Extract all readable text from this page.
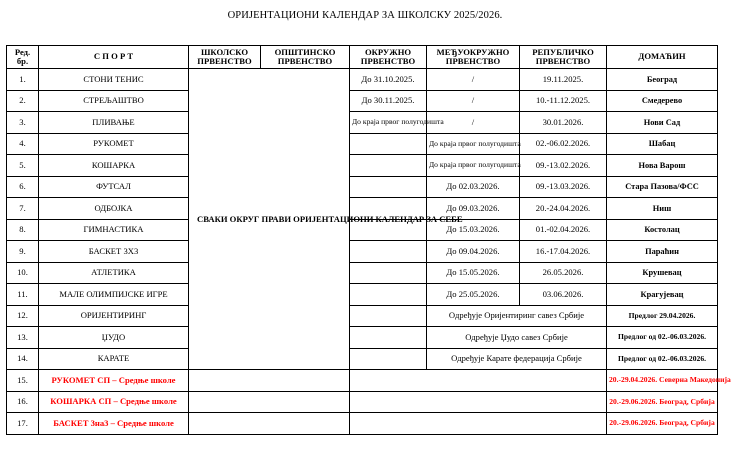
ОРИЈЕНТАЦИОНИ КАЛЕНДАР ЗА ШКОЛСКУ 2025/2026.
Ред. бр.	С П О Р Т	ШКОЛСКО ПРВЕНСТВО	ОПШТИНСКО ПРВЕНСТВО	ОКРУЖНО ПРВЕНСТВО	МЕЂУОКРУЖНО ПРВЕНСТВО	РЕПУБЛИЧКО ПРВЕНСТВО	ДОМАЋИН
1.	СТОНИ ТЕНИС	СВАКИ ОКРУГ ПРАВИ ОРИЈЕНТАЦИОНИ КАЛЕНДАР ЗА СЕБЕ		До 31.10.2025.	/	19.11.2025.	Београд
2.	СТРЕЉАШТВО			До 30.11.2025.	/	10.-11.12.2025.	Смедерево
3.	ПЛИВАЊЕ			До краја првог полугодишта	/	30.01.2026.	Нови Сад
4.	РУКОМЕТ				До краја првог полугодишта	02.-06.02.2026.	Шабац
5.	КОШАРКА				До краја првог полугодишта	09.-13.02.2026.	Нова Варош
6.	ФУТСАЛ				До 02.03.2026.	09.-13.03.2026.	Стара Пазова/ФСС
7.	ОДБОЈКА				До 09.03.2026.	20.-24.04.2026.	Ниш
8.	ГИМНАСТИКА				До 15.03.2026.	01.-02.04.2026.	Костолац
9.	БАСКЕТ 3Х3				До 09.04.2026.	16.-17.04.2026.	Параћин
10.	АТЛЕТИКА				До 15.05.2026.	26.05.2026.	Крушевац
11.	МАЛЕ ОЛИМПИЈСКЕ ИГРЕ				До 25.05.2026.	03.06.2026.	Крагујевац
12.	ОРИЈЕНТИРИНГ				Одређује Оријентиринг савез Србије		Предлог 29.04.2026.
13.	ЏУДО				Одређује Џудо савез Србије		Предлог од 02.-06.03.2026.
14.	КАРАТЕ				Одређује Карате федерација Србије		Предлог од 02.-06.03.2026.
15.	РУКОМЕТ СП – Средње школе						20.-29.04.2026. Северна Македонија
16.	КОШАРКА СП – Средње школе						20.-29.06.2026. Београд, Србија
17.	БАСКЕТ 3на3 – Средње школе						20.-29.06.2026. Београд, Србија
